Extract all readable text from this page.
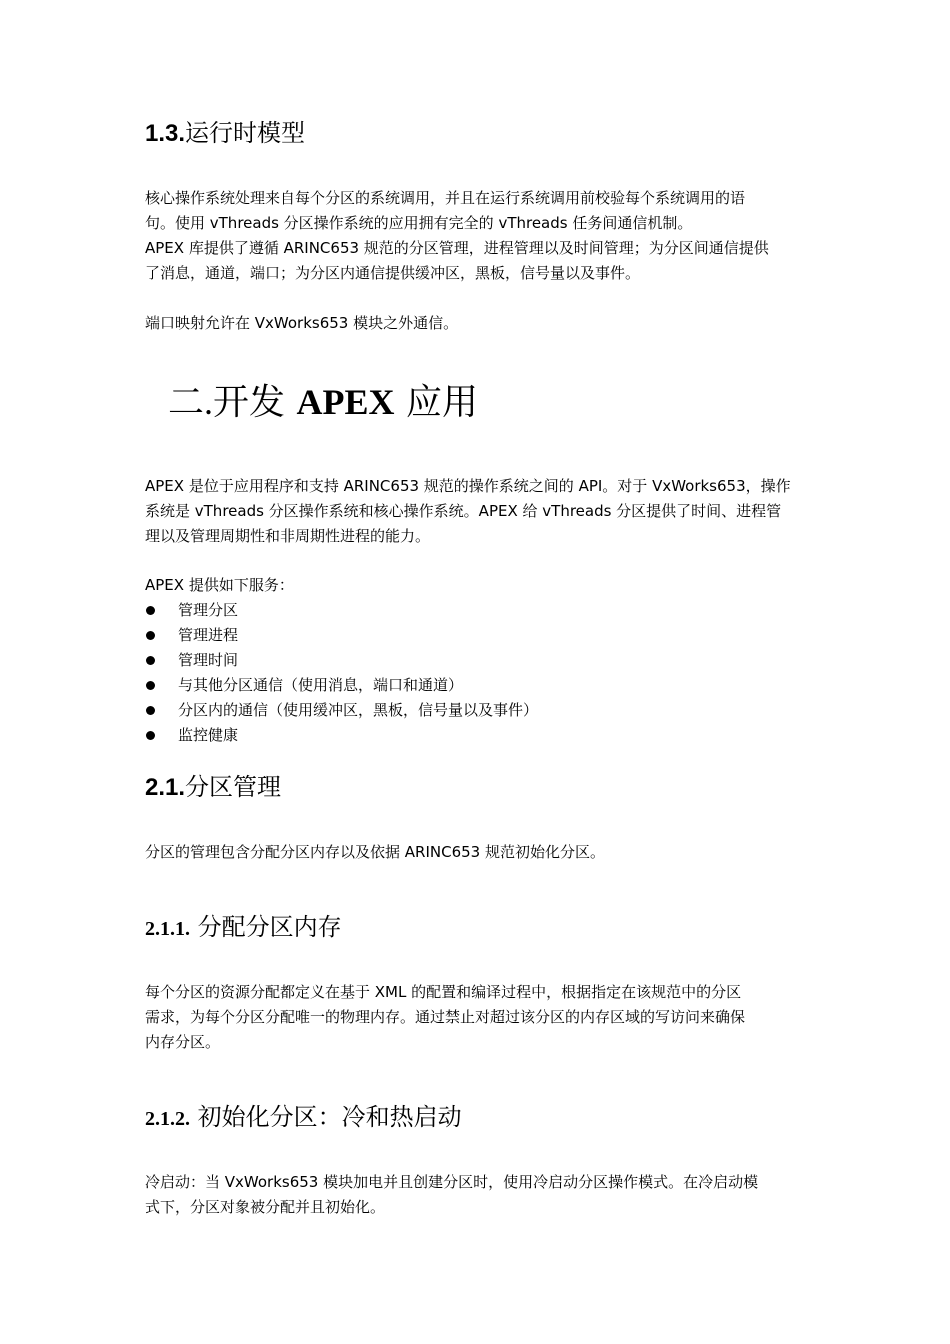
1.3.运行时模型

核心操作系统处理来自每个分区的系统调用，并且在运行系统调用前校验每个系统调用的语

句。使用 vThreads 分区操作系统的应用拥有完全的 vThreads 任务间通信机制。

APEX 库提供了遵循 ARINC653 规范的分区管理，进程管理以及时间管理；为分区间通信提供

了消息，通道，端口；为分区内通信提供缓冲区，黑板，信号量以及事件。

端口映射允许在 VxWorks653 模块之外通信。

二.开发 APEX 应用

APEX 是位于应用程序和支持 ARINC653 规范的操作系统之间的 API。对于 VxWorks653，操作

系统是 vThreads 分区操作系统和核心操作系统。APEX 给 vThreads 分区提供了时间、进程管

理以及管理周期性和非周期性进程的能力。

APEX 提供如下服务：

管理分区
管理进程
管理时间
与其他分区通信（使用消息，端口和通道）
分区内的通信（使用缓冲区，黑板，信号量以及事件）
监控健康
2.1.分区管理

分区的管理包含分配分区内存以及依据 ARINC653 规范初始化分区。

2.1.1. 分配分区内存

每个分区的资源分配都定义在基于 XML 的配置和编译过程中，根据指定在该规范中的分区

需求，为每个分区分配唯一的物理内存。通过禁止对超过该分区的内存区域的写访问来确保

内存分区。

2.1.2. 初始化分区：冷和热启动

冷启动：当 VxWorks653 模块加电并且创建分区时，使用冷启动分区操作模式。在冷启动模

式下，分区对象被分配并且初始化。
